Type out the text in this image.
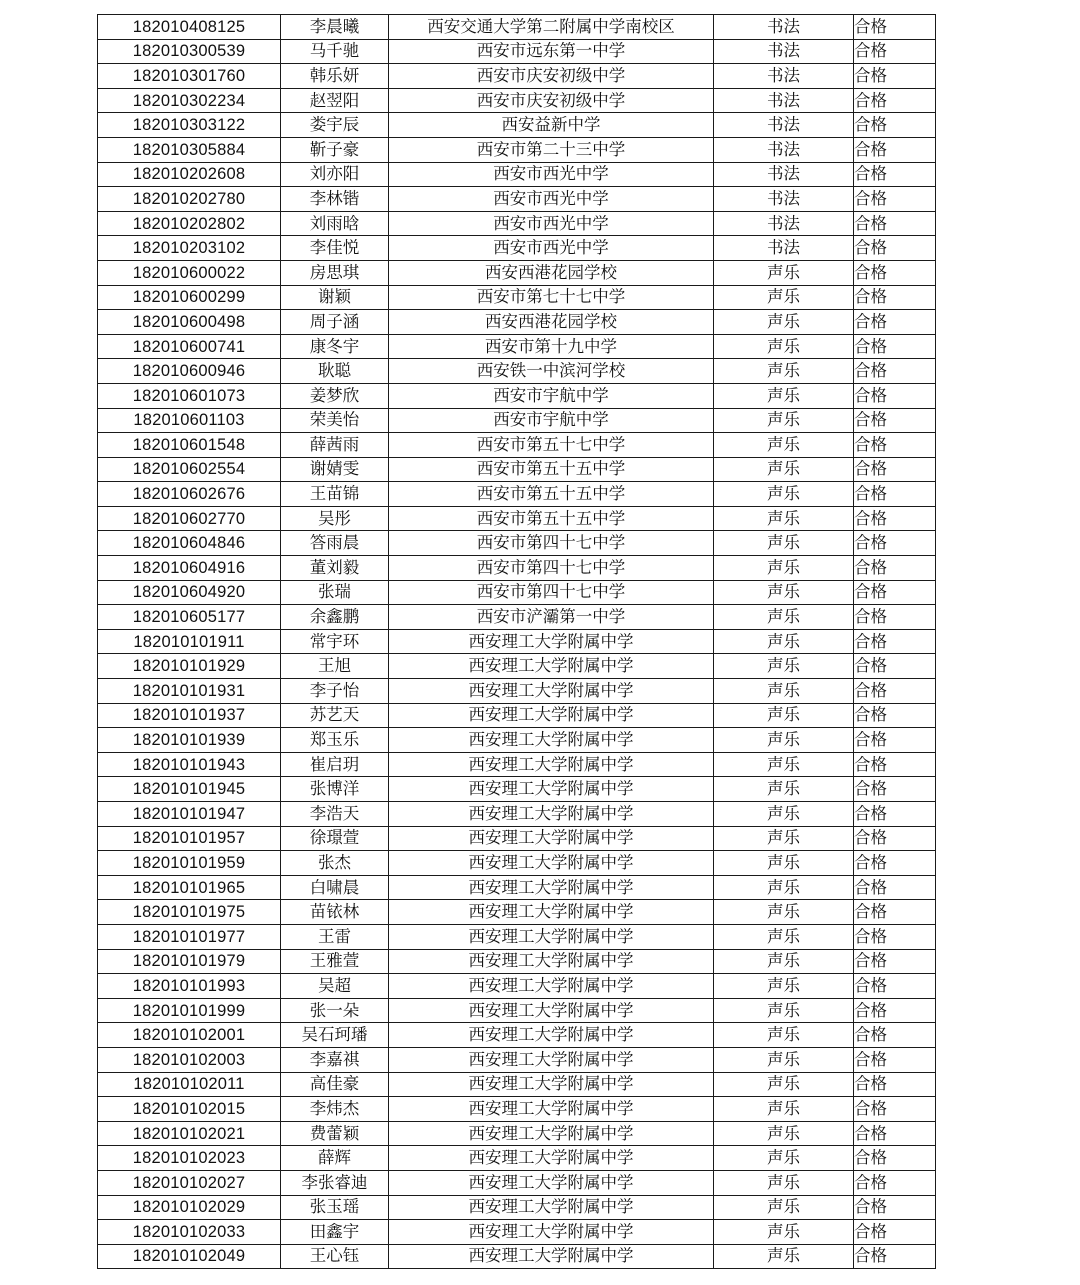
182010408125	李晨曦	西安交通大学第二附属中学南校区	书法	合格
182010300539	马千驰	西安市远东第一中学	书法	合格
182010301760	韩乐妍	西安市庆安初级中学	书法	合格
182010302234	赵翌阳	西安市庆安初级中学	书法	合格
182010303122	娄宇辰	西安益新中学	书法	合格
182010305884	靳子豪	西安市第二十三中学	书法	合格
182010202608	刘亦阳	西安市西光中学	书法	合格
182010202780	李林锴	西安市西光中学	书法	合格
182010202802	刘雨晗	西安市西光中学	书法	合格
182010203102	李佳悦	西安市西光中学	书法	合格
182010600022	房思琪	西安西港花园学校	声乐	合格
182010600299	谢颖	西安市第七十七中学	声乐	合格
182010600498	周子涵	西安西港花园学校	声乐	合格
182010600741	康冬宇	西安市第十九中学	声乐	合格
182010600946	耿聪	西安铁一中滨河学校	声乐	合格
182010601073	姜梦欣	西安市宇航中学	声乐	合格
182010601103	荣美怡	西安市宇航中学	声乐	合格
182010601548	薛茜雨	西安市第五十七中学	声乐	合格
182010602554	谢婧雯	西安市第五十五中学	声乐	合格
182010602676	王苗锦	西安市第五十五中学	声乐	合格
182010602770	吴彤	西安市第五十五中学	声乐	合格
182010604846	答雨晨	西安市第四十七中学	声乐	合格
182010604916	董刘毅	西安市第四十七中学	声乐	合格
182010604920	张瑞	西安市第四十七中学	声乐	合格
182010605177	余鑫鹏	西安市浐灞第一中学	声乐	合格
182010101911	常宇环	西安理工大学附属中学	声乐	合格
182010101929	王旭	西安理工大学附属中学	声乐	合格
182010101931	李子怡	西安理工大学附属中学	声乐	合格
182010101937	苏艺天	西安理工大学附属中学	声乐	合格
182010101939	郑玉乐	西安理工大学附属中学	声乐	合格
182010101943	崔启玥	西安理工大学附属中学	声乐	合格
182010101945	张博洋	西安理工大学附属中学	声乐	合格
182010101947	李浩天	西安理工大学附属中学	声乐	合格
182010101957	徐璟萱	西安理工大学附属中学	声乐	合格
182010101959	张杰	西安理工大学附属中学	声乐	合格
182010101965	白啸晨	西安理工大学附属中学	声乐	合格
182010101975	苗铱林	西安理工大学附属中学	声乐	合格
182010101977	王雷	西安理工大学附属中学	声乐	合格
182010101979	王雅萱	西安理工大学附属中学	声乐	合格
182010101993	吴超	西安理工大学附属中学	声乐	合格
182010101999	张一朵	西安理工大学附属中学	声乐	合格
182010102001	吴石珂璠	西安理工大学附属中学	声乐	合格
182010102003	李嘉祺	西安理工大学附属中学	声乐	合格
182010102011	高佳豪	西安理工大学附属中学	声乐	合格
182010102015	李炜杰	西安理工大学附属中学	声乐	合格
182010102021	费蕾颖	西安理工大学附属中学	声乐	合格
182010102023	薛辉	西安理工大学附属中学	声乐	合格
182010102027	李张睿迪	西安理工大学附属中学	声乐	合格
182010102029	张玉瑶	西安理工大学附属中学	声乐	合格
182010102033	田鑫宇	西安理工大学附属中学	声乐	合格
182010102049	王心钰	西安理工大学附属中学	声乐	合格
